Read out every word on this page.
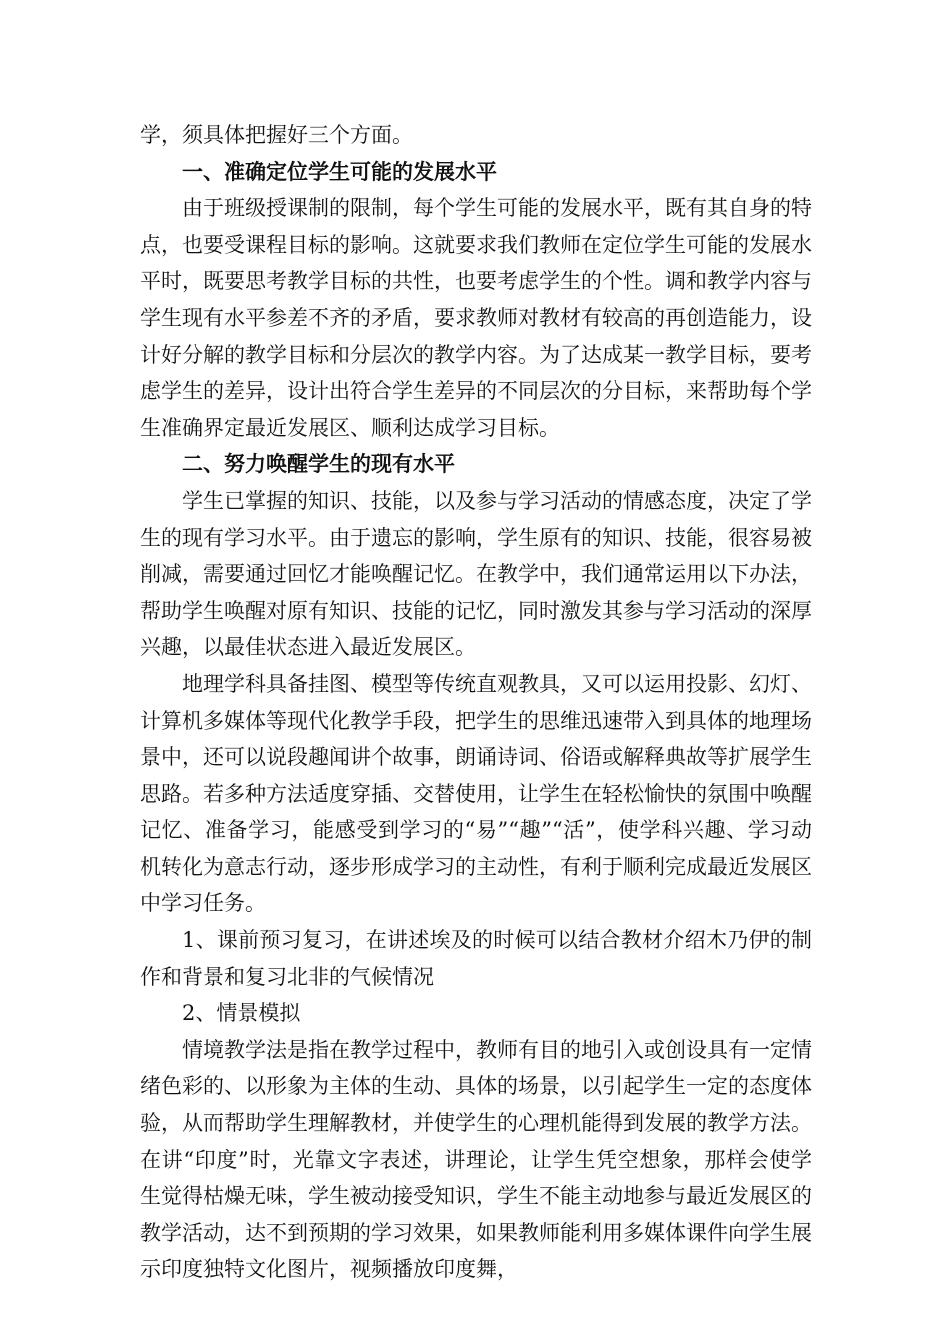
学，须具体把握好三个方面。

一、准确定位学生可能的发展水平

由于班级授课制的限制，每个学生可能的发展水平，既有其自身的特点，也要受课程目标的影响。这就要求我们教师在定位学生可能的发展水平时，既要思考教学目标的共性，也要考虑学生的个性。调和教学内容与学生现有水平参差不齐的矛盾，要求教师对教材有较高的再创造能力，设计好分解的教学目标和分层次的教学内容。为了达成某一教学目标，要考虑学生的差异，设计出符合学生差异的不同层次的分目标，来帮助每个学生准确界定最近发展区、顺利达成学习目标。

二、努力唤醒学生的现有水平

学生已掌握的知识、技能，以及参与学习活动的情感态度，决定了学生的现有学习水平。由于遗忘的影响，学生原有的知识、技能，很容易被削减，需要通过回忆才能唤醒记忆。在教学中，我们通常运用以下办法，帮助学生唤醒对原有知识、技能的记忆，同时激发其参与学习活动的深厚兴趣，以最佳状态进入最近发展区。

地理学科具备挂图、模型等传统直观教具，又可以运用投影、幻灯、计算机多媒体等现代化教学手段，把学生的思维迅速带入到具体的地理场景中，还可以说段趣闻讲个故事，朗诵诗词、俗语或解释典故等扩展学生思路。若多种方法适度穿插、交替使用，让学生在轻松愉快的氛围中唤醒记忆、准备学习，能感受到学习的“易”“趣”“活”，使学科兴趣、学习动机转化为意志行动，逐步形成学习的主动性，有利于顺利完成最近发展区中学习任务。

1、课前预习复习，在讲述埃及的时候可以结合教材介绍木乃伊的制作和背景和复习北非的气候情况

2、情景模拟

情境教学法是指在教学过程中，教师有目的地引入或创设具有一定情绪色彩的、以形象为主体的生动、具体的场景，以引起学生一定的态度体验，从而帮助学生理解教材，并使学生的心理机能得到发展的教学方法。在讲“印度”时，光靠文字表述，讲理论，让学生凭空想象，那样会使学生觉得枯燥无味，学生被动接受知识，学生不能主动地参与最近发展区的教学活动，达不到预期的学习效果，如果教师能利用多媒体课件向学生展示印度独特文化图片，视频播放印度舞，
